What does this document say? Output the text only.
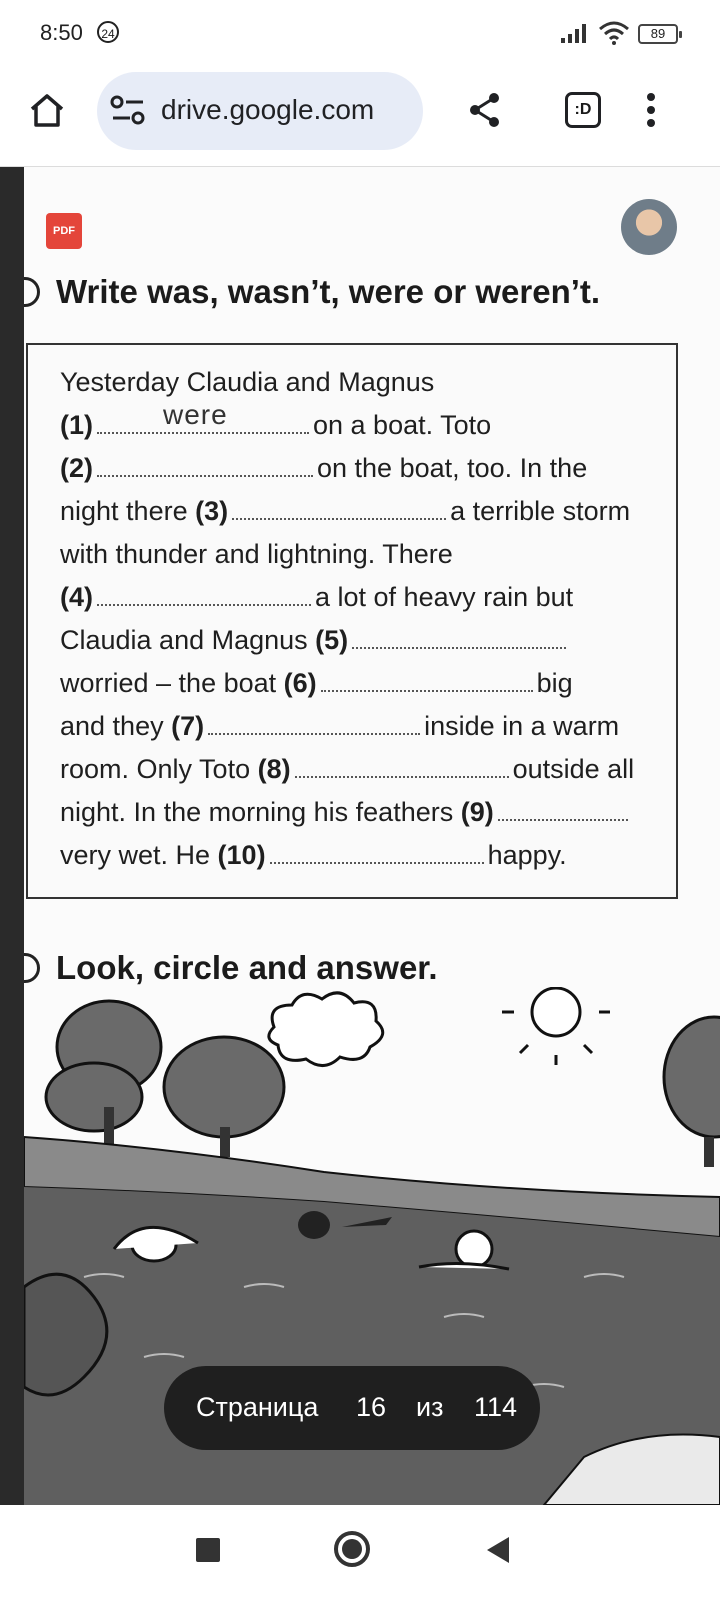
8:50	24	89
drive.google.com	:D
PDF
Write was, wasn’t, were or weren’t.
Yesterday Claudia and Magnus
(1)	on a boat. Toto
(2)	on the boat, too. In the
night there (3)	a terrible storm
with thunder and lightning. There
(4)	a lot of heavy rain but
Claudia and Magnus (5)
worried – the boat (6)	big
and they (7)	inside in a warm
room. Only Toto (8)	outside all
night. In the morning his feathers (9)
very wet. He (10)	happy.
were
Look, circle and answer.
Страница 16 из 114
